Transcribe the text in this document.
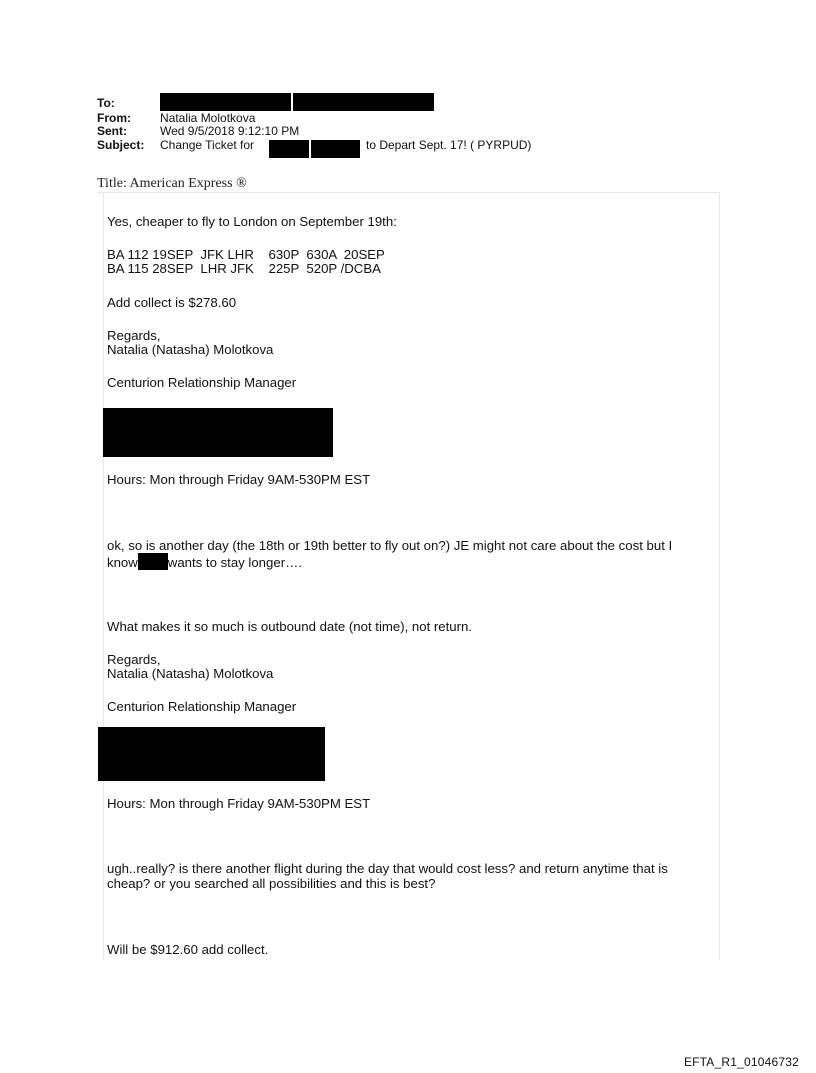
To:
From: Natalia Molotkova
Sent:	Wed 9/5/2018 9:12:10 PM
Subject: Change Ticket for	to Depart Sept. 17! ( PYRPUD)
Title: American Express ®
Yes, cheaper to fly to London on September 19th:
BA 112 19SEP  JFK LHR    630P  630A  20SEP
BA 115 28SEP  LHR JFK    225P  520P /DCBA
Add collect is $278.60
Regards,
Natalia (Natasha) Molotkova
Centurion Relationship Manager
Hours: Mon through Friday 9AM-530PM EST
ok, so is another day (the 18th or 19th better to fly out on?) JE might not care about the cost but I
know wants to stay longer….
What makes it so much is outbound date (not time), not return.
Regards,
Natalia (Natasha) Molotkova
Centurion Relationship Manager
Hours: Mon through Friday 9AM-530PM EST
ugh..really? is there another flight during the day that would cost less? and return anytime that is
cheap? or you searched all possibilities and this is best?
Will be $912.60 add collect.
EFTA_R1_01046732
